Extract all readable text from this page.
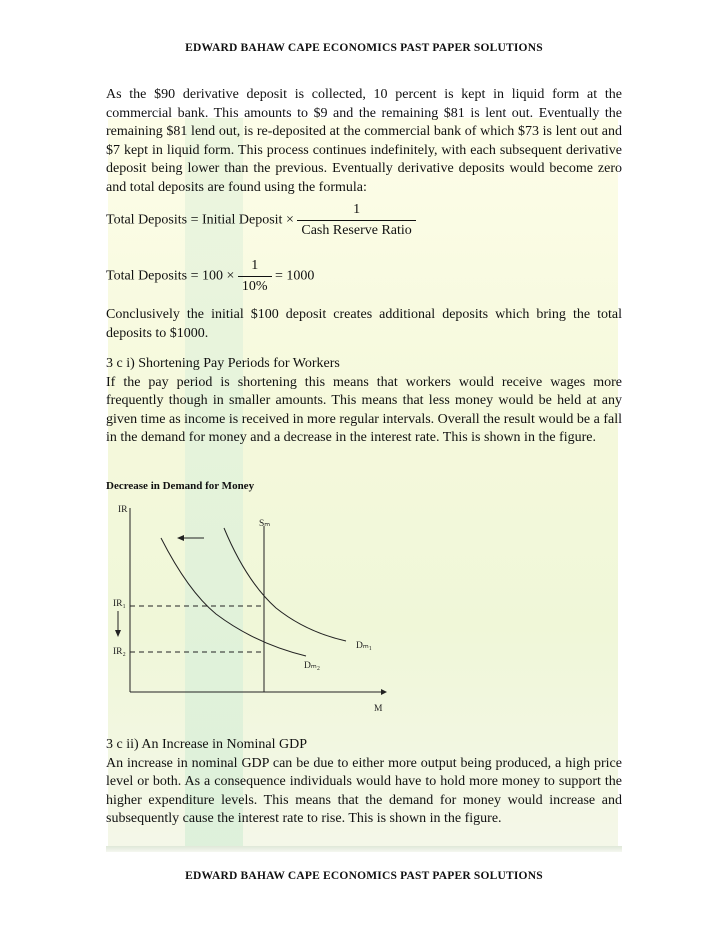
EDWARD BAHAW CAPE ECONOMICS PAST PAPER SOLUTIONS
As the $90 derivative deposit is collected, 10 percent is kept in liquid form at the commercial bank. This amounts to $9 and the remaining $81 is lent out. Eventually the remaining $81 lend out, is re-deposited at the commercial bank of which $73 is lent out and $7 kept in liquid form. This process continues indefinitely, with each subsequent derivative deposit being lower than the previous. Eventually derivative deposits would become zero and total deposits are found using the formula:
Total Deposits = Initial Deposit × $\frac{1}{\text{Cash Reserve Ratio}}$
Total Deposits = $100 \times \frac{1}{10\%} = 1000$
Conclusively the initial $100 deposit creates additional deposits which bring the total deposits to $1000.
3 c i) Shortening Pay Periods for Workers
If the pay period is shortening this means that workers would receive wages more frequently though in smaller amounts. This means that less money would be held at any given time as income is received in more regular intervals. Overall the result would be a fall in the demand for money and a decrease in the interest rate. This is shown in the figure.
Decrease in Demand for Money
IR
M
Sₘ
IR₁
IR₂
Dₘ₁
Dₘ₂
3 c ii) An Increase in Nominal GDP
An increase in nominal GDP can be due to either more output being produced, a high price level or both. As a consequence individuals would have to hold more money to support the higher expenditure levels. This means that the demand for money would increase and subsequently cause the interest rate to rise. This is shown in the figure.
EDWARD BAHAW CAPE ECONOMICS PAST PAPER SOLUTIONS
